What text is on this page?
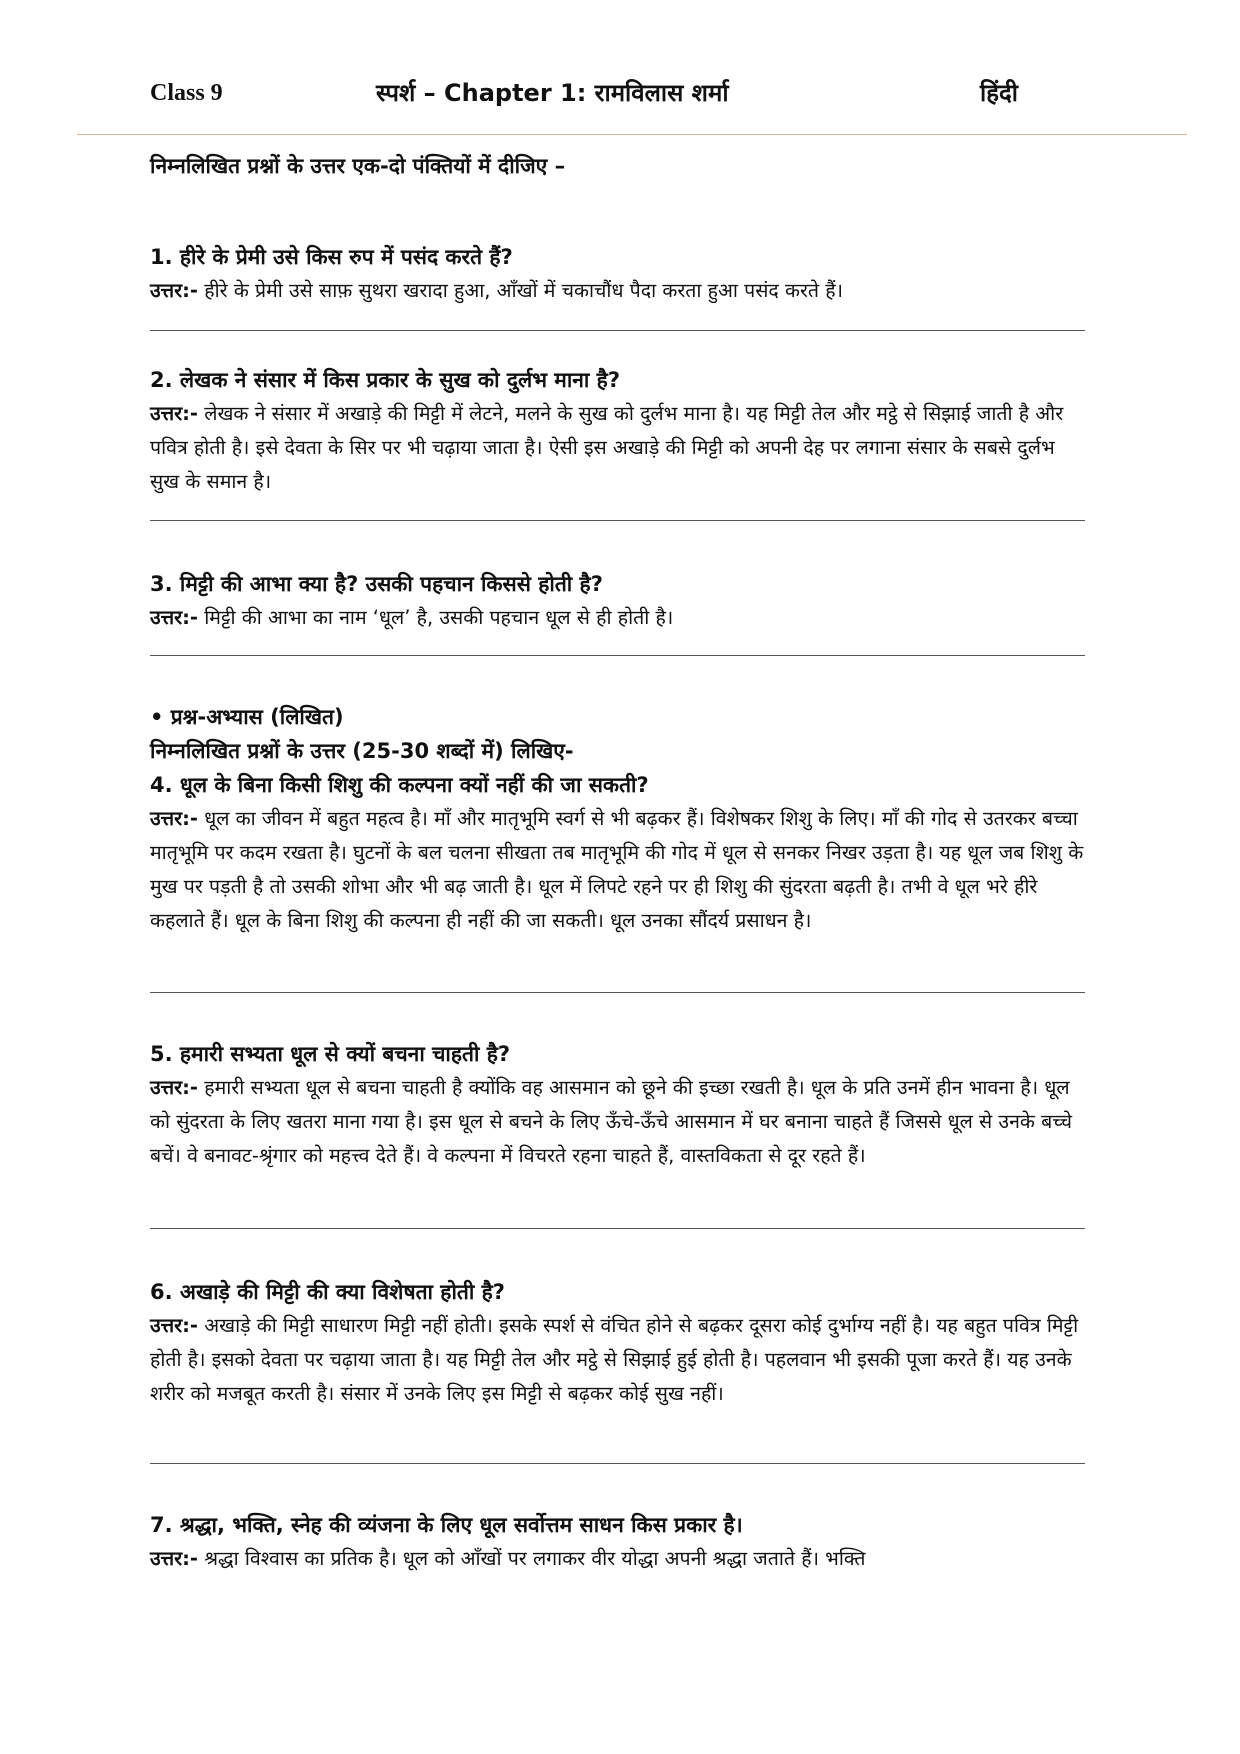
Class 9	स्पर्श – Chapter 1: रामविलास शर्मा	हिंदी
निम्नलिखित प्रश्नों के उत्तर एक-दो पंक्तियों में दीजिए –
1. हीरे के प्रेमी उसे किस रुप में पसंद करते हैं?
उत्तर:- हीरे के प्रेमी उसे साफ़ सुथरा खरादा हुआ, आँखों में चकाचौंध पैदा करता हुआ पसंद करते हैं।
2. लेखक ने संसार में किस प्रकार के सुख को दुर्लभ माना है?
उत्तर:- लेखक ने संसार में अखाड़े की मिट्टी में लेटने, मलने के सुख को दुर्लभ माना है। यह मिट्टी तेल और मट्ठे से सिझाई जाती है और पवित्र होती है। इसे देवता के सिर पर भी चढ़ाया जाता है। ऐसी इस अखाड़े की मिट्टी को अपनी देह पर लगाना संसार के सबसे दुर्लभ सुख के समान है।
3. मिट्टी की आभा क्या है? उसकी पहचान किससे होती है?
उत्तर:- मिट्टी की आभा का नाम ‘धूल’ है, उसकी पहचान धूल से ही होती है।
• प्रश्न-अभ्यास (लिखित)
निम्नलिखित प्रश्नों के उत्तर (25-30 शब्दों में) लिखिए-
4. धूल के बिना किसी शिशु की कल्पना क्यों नहीं की जा सकती?
उत्तर:- धूल का जीवन में बहुत महत्व है। माँ और मातृभूमि स्वर्ग से भी बढ़कर हैं। विशेषकर शिशु के लिए। माँ की गोद से उतरकर बच्चा मातृभूमि पर कदम रखता है। घुटनों के बल चलना सीखता तब मातृभूमि की गोद में धूल से सनकर निखर उड़ता है। यह धूल जब शिशु के मुख पर पड़ती है तो उसकी शोभा और भी बढ़ जाती है। धूल में लिपटे रहने पर ही शिशु की सुंदरता बढ़ती है। तभी वे धूल भरे हीरे कहलाते हैं। धूल के बिना शिशु की कल्पना ही नहीं की जा सकती। धूल उनका सौंदर्य प्रसाधन है।
5. हमारी सभ्यता धूल से क्यों बचना चाहती है?
उत्तर:- हमारी सभ्यता धूल से बचना चाहती है क्योंकि वह आसमान को छूने की इच्छा रखती है। धूल के प्रति उनमें हीन भावना है। धूल को सुंदरता के लिए खतरा माना गया है। इस धूल से बचने के लिए ऊँचे-ऊँचे आसमान में घर बनाना चाहते हैं जिससे धूल से उनके बच्चे बचें। वे बनावट-श्रृंगार को महत्त्व देते हैं। वे कल्पना में विचरते रहना चाहते हैं, वास्तविकता से दूर रहते हैं।
6. अखाड़े की मिट्टी की क्या विशेषता होती है?
उत्तर:- अखाड़े की मिट्टी साधारण मिट्टी नहीं होती। इसके स्पर्श से वंचित होने से बढ़कर दूसरा कोई दुर्भाग्य नहीं है। यह बहुत पवित्र मिट्टी होती है। इसको देवता पर चढ़ाया जाता है। यह मिट्टी तेल और मट्ठे से सिझाई हुई होती है। पहलवान भी इसकी पूजा करते हैं। यह उनके शरीर को मजबूत करती है। संसार में उनके लिए इस मिट्टी से बढ़कर कोई सुख नहीं।
7. श्रद्धा, भक्ति, स्नेह की व्यंजना के लिए धूल सर्वोत्तम साधन किस प्रकार है।
उत्तर:- श्रद्धा विश्वास का प्रतिक है। धूल को आँखों पर लगाकर वीर योद्धा अपनी श्रद्धा जताते हैं। भक्ति
